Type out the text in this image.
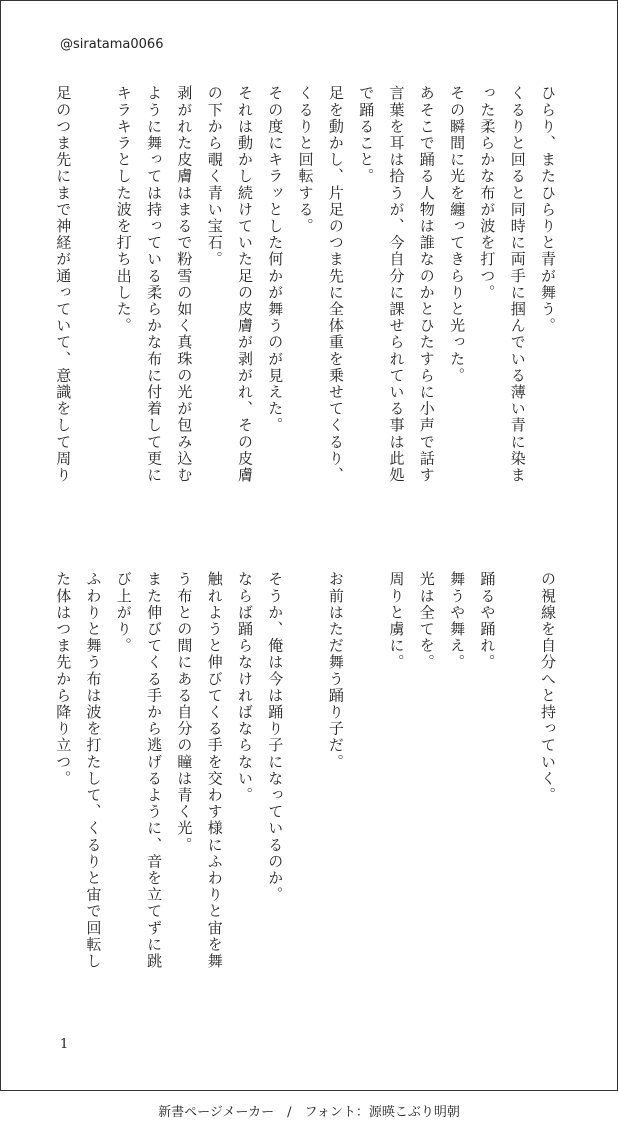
@siratama0066
ひらり、またひらりと青が舞う。
くるりと回ると同時に両手に掴んでいる薄い青に染ま
った柔らかな布が波を打つ。
その瞬間に光を纏ってきらりと光った。
あそこで踊る人物は誰なのかとひたすらに小声で話す
言葉を耳は拾うが、今自分に課せられている事は此処
で踊ること。
足を動かし、片足のつま先に全体重を乗せてくるり、
くるりと回転する。
その度にキラッとした何かが舞うのが見えた。
それは動かし続けていた足の皮膚が剥がれ、その皮膚
の下から覗く青い宝石。
剥がれた皮膚はまるで粉雪の如く真珠の光が包み込む
ように舞っては持っている柔らかな布に付着して更に
キラキラとした波を打ち出した。
足のつま先にまで神経が通っていて、意識をして周り
の視線を自分へと持っていく。
踊るや踊れ。
舞うや舞え。
光は全てを。
周りと虜に。
お前はただ舞う踊り子だ。
そうか、俺は今は踊り子になっているのか。
ならば踊らなければならない。
触れようと伸びてくる手を交わす様にふわりと宙を舞
う布との間にある自分の瞳は青く光。
また伸びてくる手から逃げるように、音を立てずに跳
び上がり。
ふわりと舞う布は波を打たして、くるりと宙で回転し
た体はつま先から降り立つ。
1
新書ページメーカー　/　フォント：源暎こぶり明朝
